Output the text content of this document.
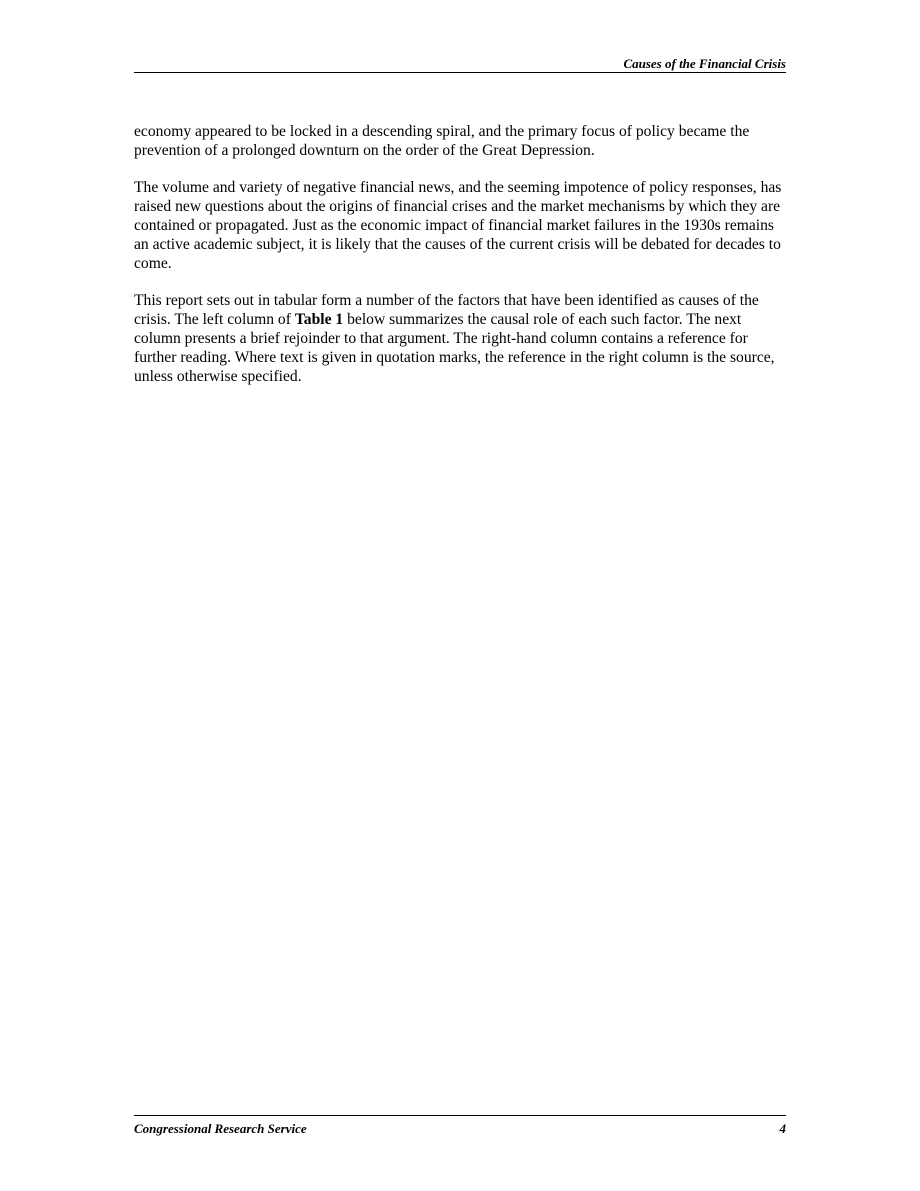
Causes of the Financial Crisis

economy appeared to be locked in a descending spiral, and the primary focus of policy became the prevention of a prolonged downturn on the order of the Great Depression.

The volume and variety of negative financial news, and the seeming impotence of policy responses, has raised new questions about the origins of financial crises and the market mechanisms by which they are contained or propagated. Just as the economic impact of financial market failures in the 1930s remains an active academic subject, it is likely that the causes of the current crisis will be debated for decades to come.

This report sets out in tabular form a number of the factors that have been identified as causes of the crisis. The left column of Table 1 below summarizes the causal role of each such factor. The next column presents a brief rejoinder to that argument. The right-hand column contains a reference for further reading. Where text is given in quotation marks, the reference in the right column is the source, unless otherwise specified.

Congressional Research Service	4
